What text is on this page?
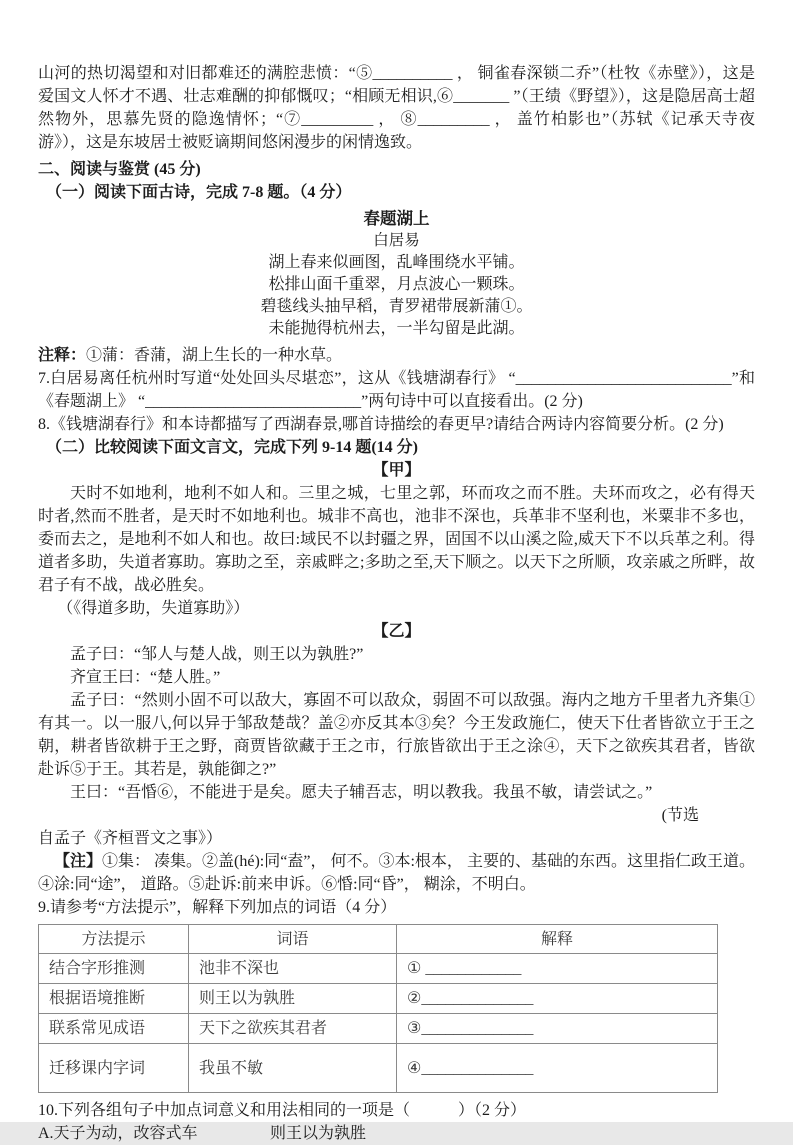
山河的热切渴望和对旧都难还的满腔悲愤：“⑤__________ ， 铜雀春深锁二乔”（杜牧《赤壁》），这是爱国文人怀才不遇、壮志难酬的抑郁慨叹；“相顾无相识,⑥_______ ”（王绩《野望》），这是隐居高士超然物外，思慕先贤的隐逸情怀；“⑦_________ ， ⑧_________ ， 盖竹柏影也”（苏轼《记承天寺夜游》），这是东坡居士被贬谪期间悠闲漫步的闲情逸致。

二、阅读与鉴赏 (45 分)

（一）阅读下面古诗，完成 7-8 题。（4 分）

春题湖上

白居易

湖上春来似画图，乱峰围绕水平铺。

松排山面千重翠，月点波心一颗珠。

碧毯线头抽早稻，青罗裙带展新蒲①。

未能抛得杭州去，一半勾留是此湖。

注释：①蒲：香蒲，湖上生长的一种水草。

7.白居易离任杭州时写道“处处回头尽堪恋”，这从《钱塘湖春行》 “___________________________”和《春题湖上》 “___________________________”两句诗中可以直接看出。(2 分)

8.《钱塘湖春行》和本诗都描写了西湖春景,哪首诗描绘的春更早?请结合两诗内容简要分析。(2 分)

（二）比较阅读下面文言文，完成下列 9-14 题(14 分)

【甲】

天时不如地利，地利不如人和。三里之城，七里之郭，环而攻之而不胜。夫环而攻之，必有得天时者,然而不胜者，是天时不如地利也。城非不高也，池非不深也，兵革非不坚利也，米粟非不多也，委而去之，是地利不如人和也。故曰:域民不以封疆之界，固国不以山溪之险,威天下不以兵革之利。得道者多助，失道者寡助。寡助之至，亲戚畔之;多助之至,天下顺之。以天下之所顺，攻亲戚之所畔，故君子有不战，战必胜矣。

（《得道多助，失道寡助》）

【乙】

孟子曰：“邹人与楚人战，则王以为孰胜?”

齐宣王曰：“楚人胜。”

孟子曰：“然则小固不可以敌大，寡固不可以敌众，弱固不可以敌强。海内之地方千里者九齐集①有其一。以一服八,何以异于邹敌楚哉？盖②亦反其本③矣？今王发政施仁，使天下仕者皆欲立于王之朝，耕者皆欲耕于王之野，商贾皆欲藏于王之市，行旅皆欲出于王之涂④，天下之欲疾其君者，皆欲赴诉⑤于王。其若是，孰能御之?”

王曰：“吾惛⑥，不能进于是矣。愿夫子辅吾志，明以教我。我虽不敏，请尝试之。”

(节选

自孟子《齐桓晋文之事》）

【注】①集： 凑集。②盖(hé):同“盍”， 何不。③本:根本， 主要的、基础的东西。这里指仁政王道。④涂:同“途”， 道路。⑤赴诉:前来申诉。⑥惛:同“昏”， 糊涂，不明白。

9.请参考“方法提示”，解释下列加点的词语（4 分）

方法提示	词语	解释
结合字形推测	池非不深也	① ____________
根据语境推断	则王以为孰胜	②______________
联系常见成语	天下之欲疾其君者	③______________
迁移课内字词	我虽不敏	④______________

10.下列各组句子中加点词意义和用法相同的一项是（　　　）（2 分）

A.天子为动，改容式车	则王以为孰胜
